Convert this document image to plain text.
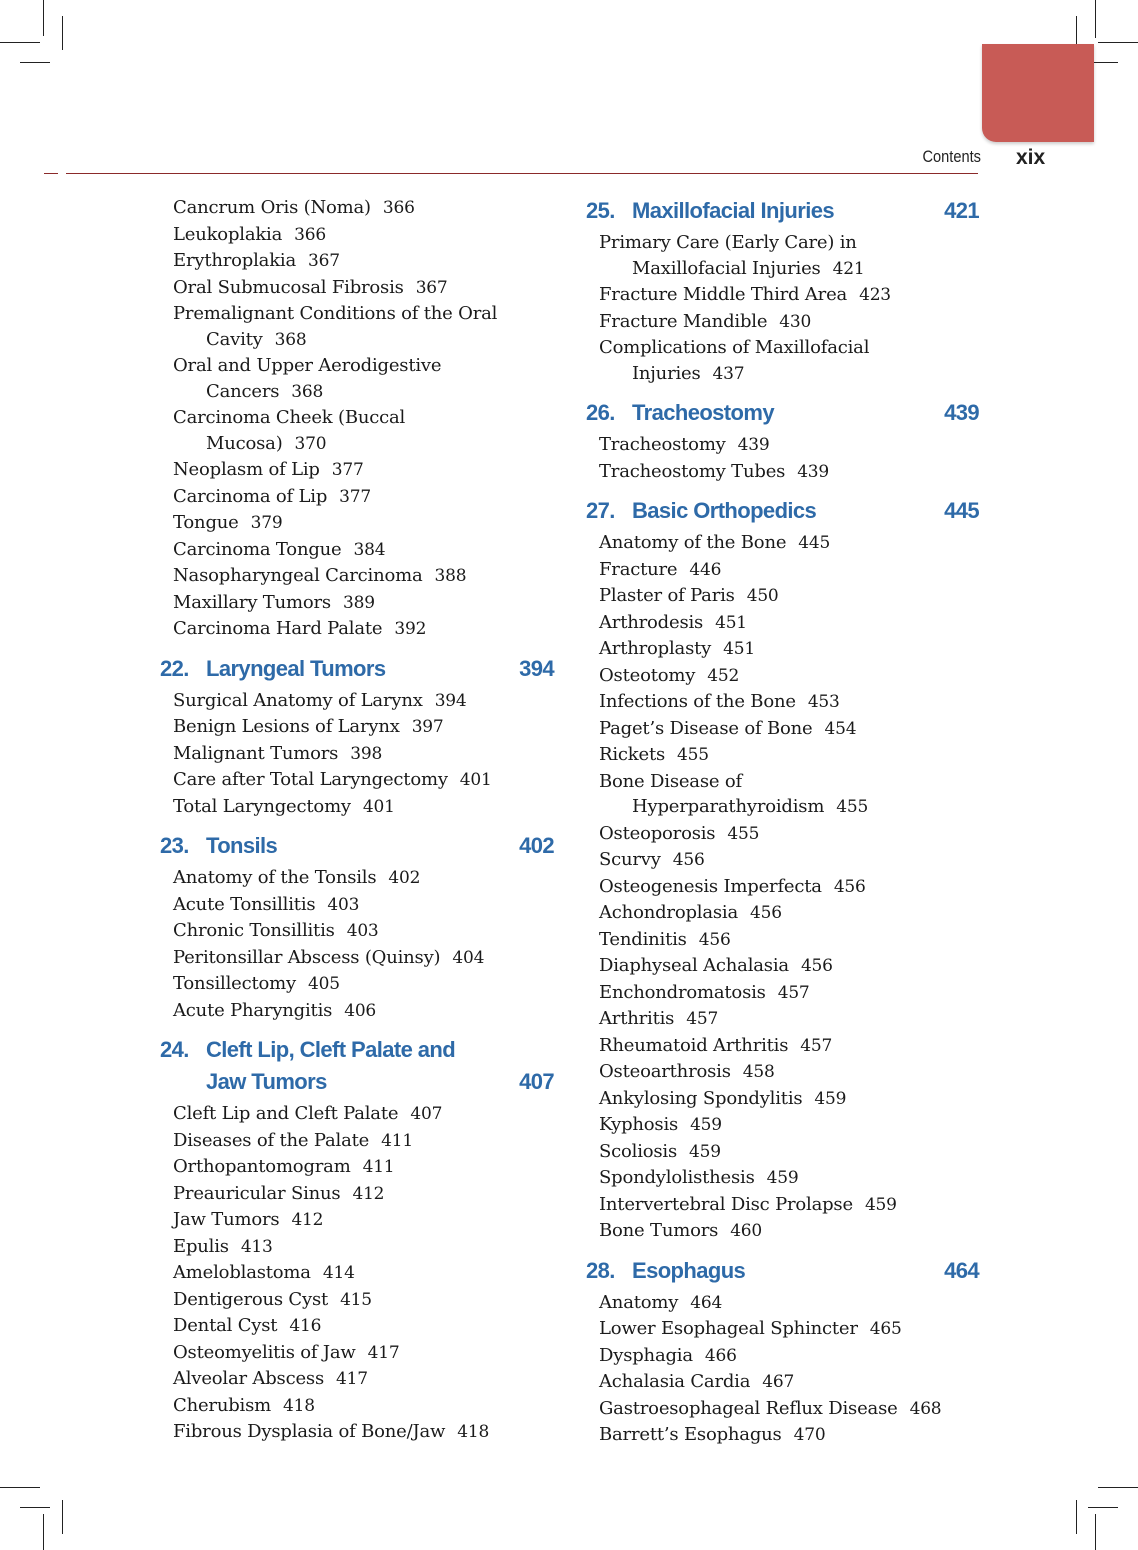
Contents xix
Cancrum Oris (Noma) 366
Leukoplakia 366
Erythroplakia 367
Oral Submucosal Fibrosis 367
Premalignant Conditions of the Oral
Cavity 368
Oral and Upper Aerodigestive
Cancers 368
Carcinoma Cheek (Buccal
Mucosa) 370
Neoplasm of Lip 377
Carcinoma of Lip 377
Tongue 379
Carcinoma Tongue 384
Nasopharyngeal Carcinoma 388
Maxillary Tumors 389
Carcinoma Hard Palate 392
22. Laryngeal Tumors	394
Surgical Anatomy of Larynx 394
Benign Lesions of Larynx 397
Malignant Tumors 398
Care after Total Laryngectomy 401
Total Laryngectomy 401
23. Tonsils	402
Anatomy of the Tonsils 402
Acute Tonsillitis 403
Chronic Tonsillitis 403
Peritonsillar Abscess (Quinsy) 404
Tonsillectomy 405
Acute Pharyngitis 406
24. Cleft Lip, Cleft Palate and
Jaw Tumors	407
Cleft Lip and Cleft Palate 407
Diseases of the Palate 411
Orthopantomogram 411
Preauricular Sinus 412
Jaw Tumors 412
Epulis 413
Ameloblastoma 414
Dentigerous Cyst 415
Dental Cyst 416
Osteomyelitis of Jaw 417
Alveolar Abscess 417
Cherubism 418
Fibrous Dysplasia of Bone/Jaw 418
25. Maxillofacial Injuries	421
Primary Care (Early Care) in
Maxillofacial Injuries 421
Fracture Middle Third Area 423
Fracture Mandible 430
Complications of Maxillofacial
Injuries 437
26. Tracheostomy	439
Tracheostomy 439
Tracheostomy Tubes 439
27. Basic Orthopedics	445
Anatomy of the Bone 445
Fracture 446
Plaster of Paris 450
Arthrodesis 451
Arthroplasty 451
Osteotomy 452
Infections of the Bone 453
Paget’s Disease of Bone 454
Rickets 455
Bone Disease of
Hyperparathyroidism 455
Osteoporosis 455
Scurvy 456
Osteogenesis Imperfecta 456
Achondroplasia 456
Tendinitis 456
Diaphyseal Achalasia 456
Enchondromatosis 457
Arthritis 457
Rheumatoid Arthritis 457
Osteoarthrosis 458
Ankylosing Spondylitis 459
Kyphosis 459
Scoliosis 459
Spondylolisthesis 459
Intervertebral Disc Prolapse 459
Bone Tumors 460
28. Esophagus	464
Anatomy 464
Lower Esophageal Sphincter 465
Dysphagia 466
Achalasia Cardia 467
Gastroesophageal Reflux Disease 468
Barrett’s Esophagus 470
